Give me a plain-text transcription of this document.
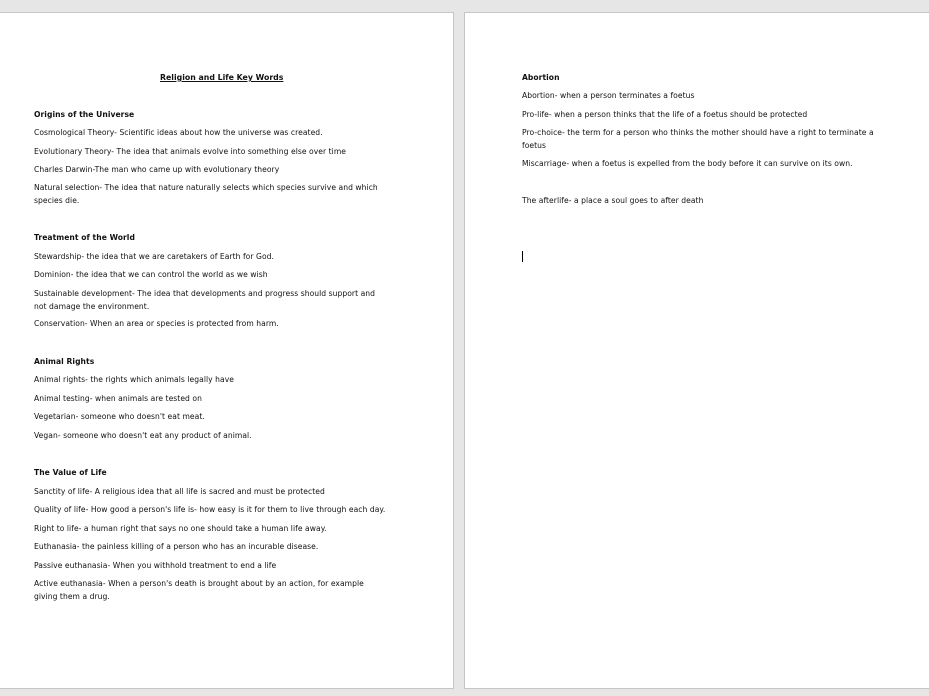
Religion and Life Key Words
Origins of the Universe
Cosmological Theory- Scientific ideas about how the universe was created.
Evolutionary Theory- The idea that animals evolve into something else over time
Charles Darwin-The man who came up with evolutionary theory
Natural selection- The idea that nature naturally selects which species survive and which species die.
Treatment of the World
Stewardship- the idea that we are caretakers of Earth for God.
Dominion- the idea that we can control the world as we wish
Sustainable development- The idea that developments and progress should support and not damage the environment.
Conservation- When an area or species is protected from harm.
Animal Rights
Animal rights- the rights which animals legally have
Animal testing- when animals are tested on
Vegetarian- someone who doesn't eat meat.
Vegan- someone who doesn't eat any product of animal.
The Value of Life
Sanctity of life- A religious idea that all life is sacred and must be protected
Quality of life- How good a person's life is- how easy is it for them to live through each day.
Right to life- a human right that says no one should take a human life away.
Euthanasia- the painless killing of a person who has an incurable disease.
Passive euthanasia- When you withhold treatment to end a life
Active euthanasia- When a person's death is brought about by an action, for example giving them a drug.
Abortion
Abortion- when a person terminates a foetus
Pro-life- when a person thinks that the life of a foetus should be protected
Pro-choice- the term for a person who thinks the mother should have a right to terminate a foetus
Miscarriage- when a foetus is expelled from the body before it can survive on its own.
The afterlife- a place a soul goes to after death
